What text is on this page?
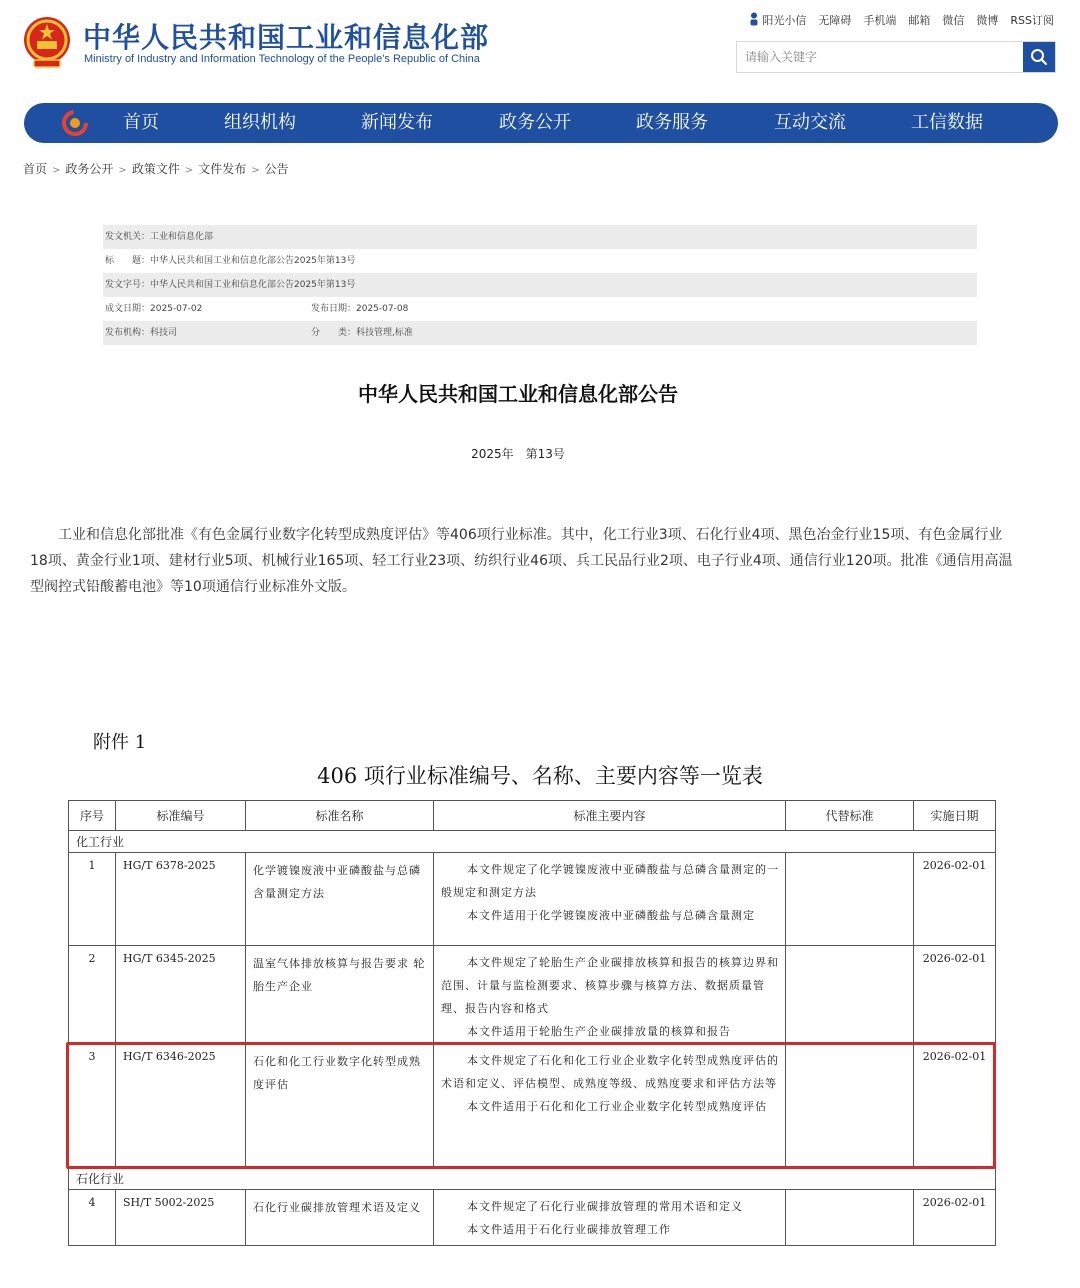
中华人民共和国工业和信息化部
Ministry of Industry and Information Technology of the People’s Republic of China
阳光小信 无障碍 手机端 邮箱 微信 微博 RSS订阅
请输入关键字
首页	组织机构	新闻发布	政务公开	政务服务	互动交流	工信数据
首页 > 政务公开 > 政策文件 > 文件发布 > 公告
发文机关：工业和信息化部
标　　题：中华人民共和国工业和信息化部公告2025年第13号
发文字号：中华人民共和国工业和信息化部公告2025年第13号
成文日期：2025-07-02	发布日期：2025-07-08
发布机构：科技司	分　　类：科技管理,标准
中华人民共和国工业和信息化部公告
2025年　第13号
工业和信息化部批准《有色金属行业数字化转型成熟度评估》等406项行业标准。其中，化工行业3项、石化行业4项、黑色冶金行业15项、有色金属行业18项、黄金行业1项、建材行业5项、机械行业165项、轻工行业23项、纺织行业46项、兵工民品行业2项、电子行业4项、通信行业120项。批准《通信用高温型阀控式铅酸蓄电池》等10项通信行业标准外文版。
附件 1
406 项行业标准编号、名称、主要内容等一览表
序号	标准编号	标准名称	标准主要内容	代替标准	实施日期
化工行业					
1	HG/T 6378-2025	化学镀镍废液中亚磷酸盐与总磷含量测定方法	本文件规定了化学镀镍废液中亚磷酸盐与总磷含量测定的一般规定和测定方法

本文件适用于化学镀镍废液中亚磷酸盐与总磷含量测定		2026-02-01
2	HG/T 6345-2025	温室气体排放核算与报告要求 轮胎生产企业	本文件规定了轮胎生产企业碳排放核算和报告的核算边界和范围、计量与监检测要求、核算步骤与核算方法、数据质量管理、报告内容和格式

本文件适用于轮胎生产企业碳排放量的核算和报告		2026-02-01
3	HG/T 6346-2025	石化和化工行业数字化转型成熟度评估	本文件规定了石化和化工行业企业数字化转型成熟度评估的术语和定义、评估模型、成熟度等级、成熟度要求和评估方法等

本文件适用于石化和化工行业企业数字化转型成熟度评估		2026-02-01
石化行业					
4	SH/T 5002-2025	石化行业碳排放管理术语及定义	本文件规定了石化行业碳排放管理的常用术语和定义

本文件适用于石化行业碳排放管理工作		2026-02-01
